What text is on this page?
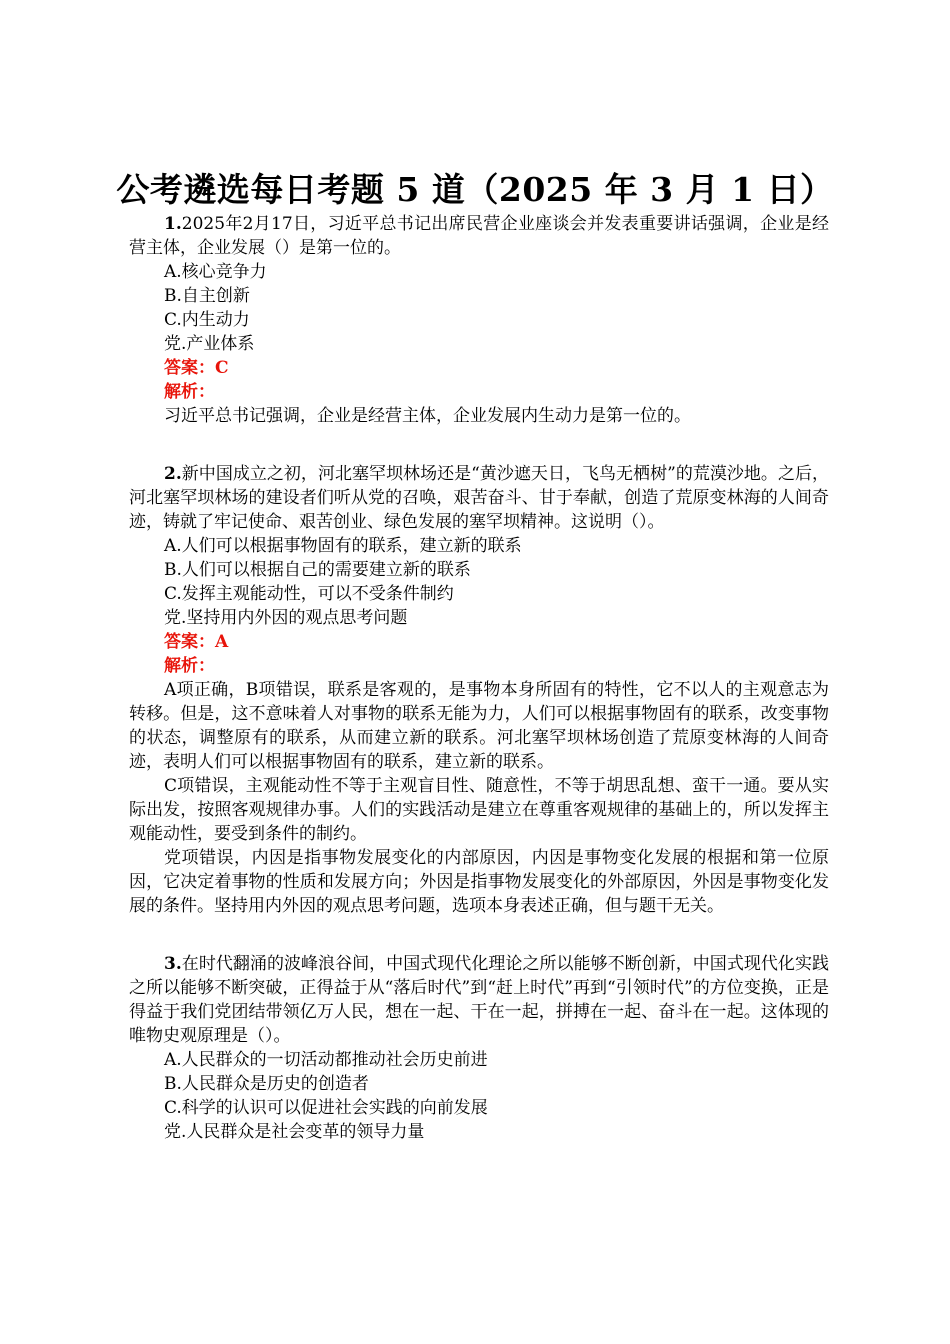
公考遴选每日考题 5 道（2025 年 3 月 1 日）

1.2025年2月17日，习近平总书记出席民营企业座谈会并发表重要讲话强调，企业是经营主体，企业发展（）是第一位的。

A.核心竞争力

B.自主创新

C.内生动力

党.产业体系

答案：C

解析：

习近平总书记强调，企业是经营主体，企业发展内生动力是第一位的。

2.新中国成立之初，河北塞罕坝林场还是“黄沙遮天日，飞鸟无栖树”的荒漠沙地。之后，河北塞罕坝林场的建设者们听从党的召唤，艰苦奋斗、甘于奉献，创造了荒原变林海的人间奇迹，铸就了牢记使命、艰苦创业、绿色发展的塞罕坝精神。这说明（）。

A.人们可以根据事物固有的联系，建立新的联系

B.人们可以根据自己的需要建立新的联系

C.发挥主观能动性，可以不受条件制约

党.坚持用内外因的观点思考问题

答案：A

解析：

A项正确，B项错误，联系是客观的，是事物本身所固有的特性，它不以人的主观意志为转移。但是，这不意味着人对事物的联系无能为力，人们可以根据事物固有的联系，改变事物的状态，调整原有的联系，从而建立新的联系。河北塞罕坝林场创造了荒原变林海的人间奇迹，表明人们可以根据事物固有的联系，建立新的联系。

C项错误，主观能动性不等于主观盲目性、随意性，不等于胡思乱想、蛮干一通。要从实际出发，按照客观规律办事。人们的实践活动是建立在尊重客观规律的基础上的，所以发挥主观能动性，要受到条件的制约。

党项错误，内因是指事物发展变化的内部原因，内因是事物变化发展的根据和第一位原因，它决定着事物的性质和发展方向；外因是指事物发展变化的外部原因，外因是事物变化发展的条件。坚持用内外因的观点思考问题，选项本身表述正确，但与题干无关。

3.在时代翻涌的波峰浪谷间，中国式现代化理论之所以能够不断创新，中国式现代化实践之所以能够不断突破，正得益于从“落后时代”到“赶上时代”再到“引领时代”的方位变换，正是得益于我们党团结带领亿万人民，想在一起、干在一起，拼搏在一起、奋斗在一起。这体现的唯物史观原理是（）。

A.人民群众的一切活动都推动社会历史前进

B.人民群众是历史的创造者

C.科学的认识可以促进社会实践的向前发展

党.人民群众是社会变革的领导力量
